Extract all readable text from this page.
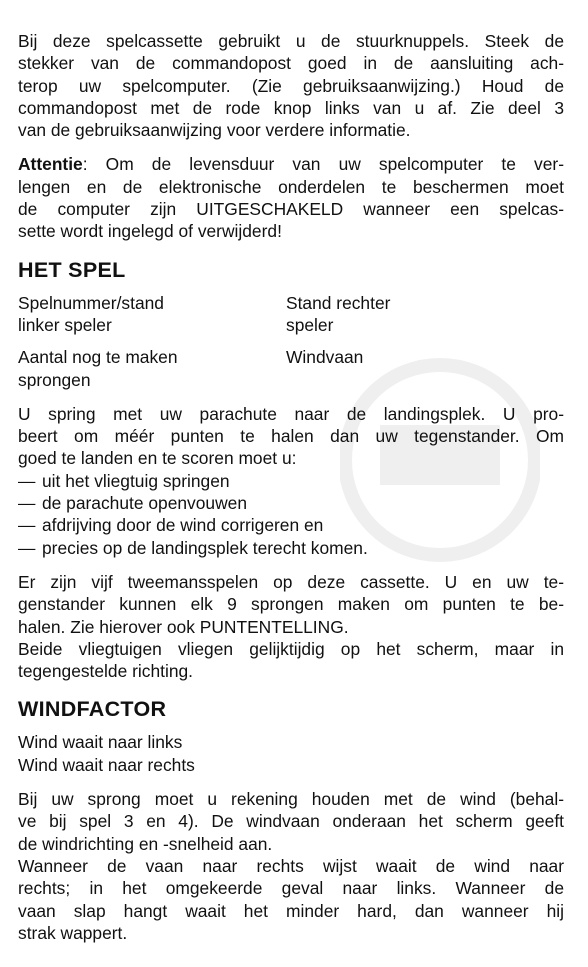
Bij deze spelcassette gebruikt u de stuurknuppels. Steek de
stekker van de commandopost goed in de aansluiting ach-
terop uw spelcomputer. (Zie gebruiksaanwijzing.) Houd de
commandopost met de rode knop links van u af. Zie deel 3
van de gebruiksaanwijzing voor verdere informatie.

Attentie: Om de levensduur van uw spelcomputer te ver-
lengen en de elektronische onderdelen te beschermen moet
de computer zijn UITGESCHAKELD wanneer een spelcas-
sette wordt ingelegd of verwijderd!

HET SPEL
Spelnummer/stand
linker speler
Stand rechter
speler
Aantal nog te maken
sprongen
Windvaan

U spring met uw parachute naar de landingsplek. U pro-
beert om méér punten te halen dan uw tegenstander. Om
goed te landen en te scoren moet u:

— uit het vliegtuig springen
— de parachute openvouwen
— afdrijving door de wind corrigeren en
— precies op de landingsplek terecht komen.

Er zijn vijf tweemansspelen op deze cassette. U en uw te-
genstander kunnen elk 9 sprongen maken om punten te be-
halen. Zie hierover ook PUNTENTELLING.
Beide vliegtuigen vliegen gelijktijdig op het scherm, maar in
tegengestelde richting.

WINDFACTOR

Wind waait naar links
Wind waait naar rechts

Bij uw sprong moet u rekening houden met de wind (behal-
ve bij spel 3 en 4). De windvaan onderaan het scherm geeft
de windrichting en -snelheid aan.
Wanneer de vaan naar rechts wijst waait de wind naar
rechts; in het omgekeerde geval naar links. Wanneer de
vaan slap hangt waait het minder hard, dan wanneer hij
strak wappert.
